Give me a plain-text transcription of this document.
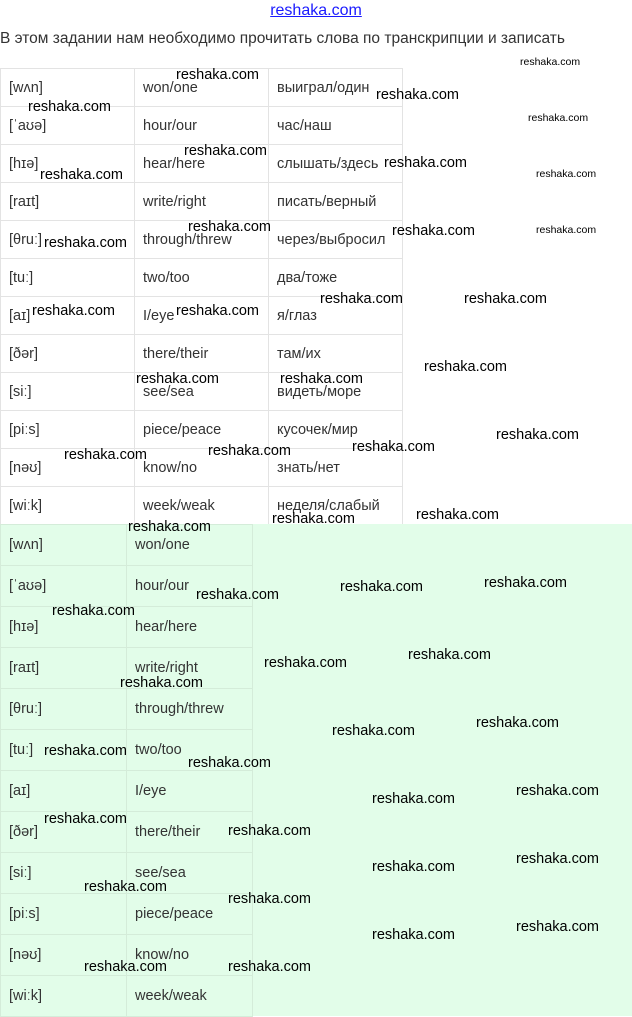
reshaka.com
В этом задании нам необходимо прочитать слова по транскрипции и записать
[wʌn]	won/one	выиграл/один
[ˈaʊə]	hour/our	час/наш
[hɪə]	hear/here	слышать/здесь
[raɪt]	write/right	писать/верный
[θruː]	through/threw	через/выбросил
[tuː]	two/too	два/тоже
[aɪ]	I/eye	я/глаз
[ðər]	there/their	там/их
[siː]	see/sea	видеть/море
[piːs]	piece/peace	кусочек/мир
[nəʊ]	know/no	знать/нет
[wiːk]	week/weak	неделя/слабый
[wʌn]	won/one
[ˈaʊə]	hour/our
[hɪə]	hear/here
[raɪt]	write/right
[θruː]	through/threw
[tuː]	two/too
[aɪ]	I/eye
[ðər]	there/their
[siː]	see/sea
[piːs]	piece/peace
[nəʊ]	know/no
[wiːk]	week/weak
reshaka.com
reshaka.com
reshaka.com
reshaka.com
reshaka.com
reshaka.com
reshaka.com
reshaka.com
reshaka.com
reshaka.com	reshaka.com
reshaka.com	reshaka.com
reshaka.com	reshaka.com
reshaka.com
reshaka.com	reshaka.com	reshaka.com
reshaka.com
reshaka.com	reshaka.com
reshaka.com
reshaka.com	reshaka.com	reshaka.com
reshaka.com
reshaka.com	reshaka.com
reshaka.com
reshaka.com	reshaka.com
reshaka.com
reshaka.com
reshaka.com	reshaka.com
reshaka.com
reshaka.com
reshaka.com	reshaka.com
reshaka.com
reshaka.com
reshaka.com	reshaka.com
reshaka.com	reshaka.com
reshaka.com
reshaka.com
reshaka.com
reshaka.com
